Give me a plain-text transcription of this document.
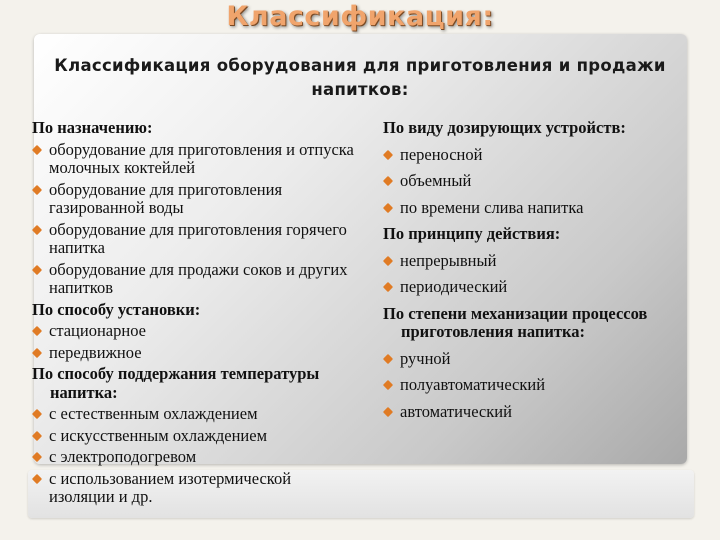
Классификация:
Классификация оборудования для приготовления и продажи напитков:
По назначению:
оборудование для приготовления и отпуска молочных коктейлей
оборудование для приготовления газированной воды
оборудование для приготовления горячего напитка
оборудование для продажи соков и других напитков
По способу установки:
стационарное
передвижное
По способу поддержания температуры напитка:
с естественным охлаждением
с искусственным охлаждением
с электроподогревом
с использованием изотермической изоляции и др.
По виду дозирующих устройств:
переносной
объемный
по времени слива напитка
По принципу действия:
непрерывный
периодический
По степени механизации процессов приготовления напитка:
ручной
полуавтоматический
автоматический
